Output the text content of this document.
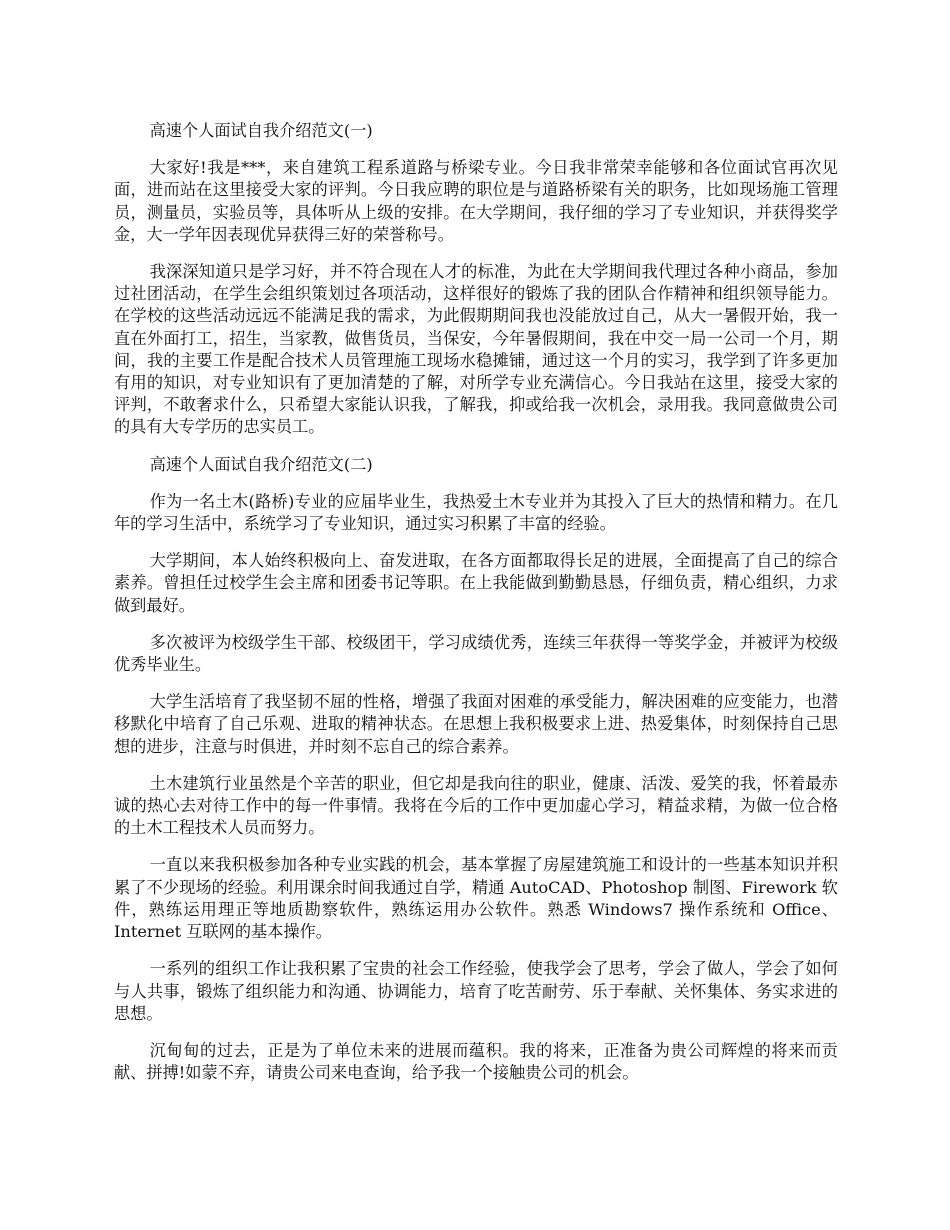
高速个人面试自我介绍范文(一)

大家好!我是***，来自建筑工程系道路与桥梁专业。今日我非常荣幸能够和各位面试官再次见面，进而站在这里接受大家的评判。今日我应聘的职位是与道路桥梁有关的职务，比如现场施工管理员，测量员，实验员等，具体听从上级的安排。在大学期间，我仔细的学习了专业知识，并获得奖学金，大一学年因表现优异获得三好的荣誉称号。

我深深知道只是学习好，并不符合现在人才的标准，为此在大学期间我代理过各种小商品，参加过社团活动，在学生会组织策划过各项活动，这样很好的锻炼了我的团队合作精神和组织领导能力。在学校的这些活动远远不能满足我的需求，为此假期期间我也没能放过自己，从大一暑假开始，我一直在外面打工，招生，当家教，做售货员，当保安，今年暑假期间，我在中交一局一公司一个月，期间，我的主要工作是配合技术人员管理施工现场水稳摊铺，通过这一个月的实习，我学到了许多更加有用的知识，对专业知识有了更加清楚的了解，对所学专业充满信心。今日我站在这里，接受大家的评判，不敢奢求什么，只希望大家能认识我，了解我，抑或给我一次机会，录用我。我同意做贵公司的具有大专学历的忠实员工。

高速个人面试自我介绍范文(二)

作为一名土木(路桥)专业的应届毕业生，我热爱土木专业并为其投入了巨大的热情和精力。在几年的学习生活中，系统学习了专业知识，通过实习积累了丰富的经验。

大学期间，本人始终积极向上、奋发进取，在各方面都取得长足的进展，全面提高了自己的综合素养。曾担任过校学生会主席和团委书记等职。在上我能做到勤勤恳恳，仔细负责，精心组织，力求做到最好。

多次被评为校级学生干部、校级团干，学习成绩优秀，连续三年获得一等奖学金，并被评为校级优秀毕业生。

大学生活培育了我坚韧不屈的性格，增强了我面对困难的承受能力，解决困难的应变能力，也潜移默化中培育了自己乐观、进取的精神状态。在思想上我积极要求上进、热爱集体，时刻保持自己思想的进步，注意与时俱进，并时刻不忘自己的综合素养。

土木建筑行业虽然是个辛苦的职业，但它却是我向往的职业，健康、活泼、爱笑的我，怀着最赤诚的热心去对待工作中的每一件事情。我将在今后的工作中更加虚心学习，精益求精，为做一位合格的土木工程技术人员而努力。

一直以来我积极参加各种专业实践的机会，基本掌握了房屋建筑施工和设计的一些基本知识并积累了不少现场的经验。利用课余时间我通过自学，精通 AutoCAD、Photoshop 制图、Firework 软件，熟练运用理正等地质勘察软件，熟练运用办公软件。熟悉 Windows7 操作系统和 Office、Internet 互联网的基本操作。

一系列的组织工作让我积累了宝贵的社会工作经验，使我学会了思考，学会了做人，学会了如何与人共事，锻炼了组织能力和沟通、协调能力，培育了吃苦耐劳、乐于奉献、关怀集体、务实求进的思想。

沉甸甸的过去，正是为了单位未来的进展而蕴积。我的将来，正准备为贵公司辉煌的将来而贡献、拼搏!如蒙不弃，请贵公司来电查询，给予我一个接触贵公司的机会。
